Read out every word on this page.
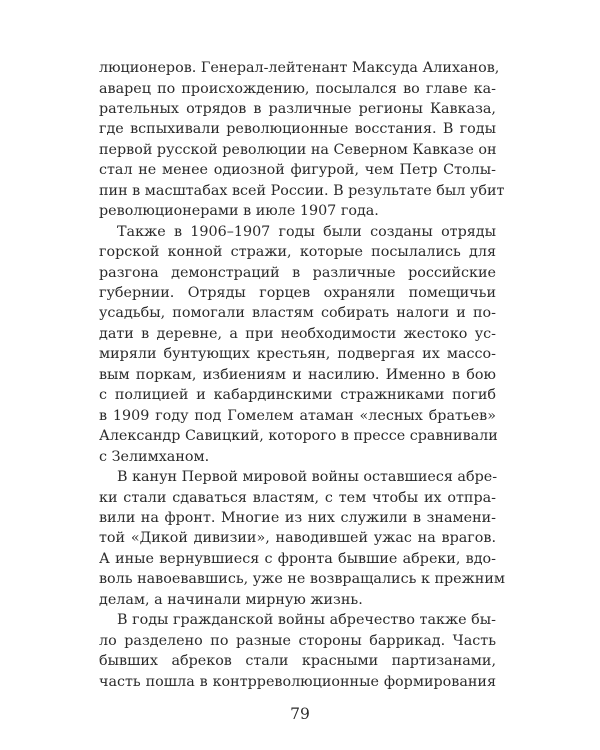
люционеров. Генерал-лейтенант Максуда Алиханов,
аварец по происхождению, посылался во главе ка-
рательных отрядов в различные регионы Кавказа,
где вспыхивали революционные восстания. В годы
первой русской революции на Северном Кавказе он
стал не менее одиозной фигурой, чем Петр Столы-
пин в масштабах всей России. В результате был убит
революционерами в июле 1907 года.
Также в 1906–1907 годы были созданы отряды
горской конной стражи, которые посылались для
разгона демонстраций в различные российские
губернии. Отряды горцев охраняли помещичьи
усадьбы, помогали властям собирать налоги и по-
дати в деревне, а при необходимости жестоко ус-
миряли бунтующих крестьян, подвергая их массо-
вым поркам, избиениям и насилию. Именно в бою
с полицией и кабардинскими стражниками погиб
в 1909 году под Гомелем атаман «лесных братьев»
Александр Савицкий, которого в прессе сравнивали
с Зелимханом.
В канун Первой мировой войны оставшиеся абре-
ки стали сдаваться властям, с тем чтобы их отпра-
вили на фронт. Многие из них служили в знамени-
той «Дикой дивизии», наводившей ужас на врагов.
А иные вернувшиеся с фронта бывшие абреки, вдо-
воль навоевавшись, уже не возвращались к прежним
делам, а начинали мирную жизнь.
В годы гражданской войны абречество также бы-
ло разделено по разные стороны баррикад. Часть
бывших абреков стали красными партизанами,
часть пошла в контрреволюционные формирования
79
